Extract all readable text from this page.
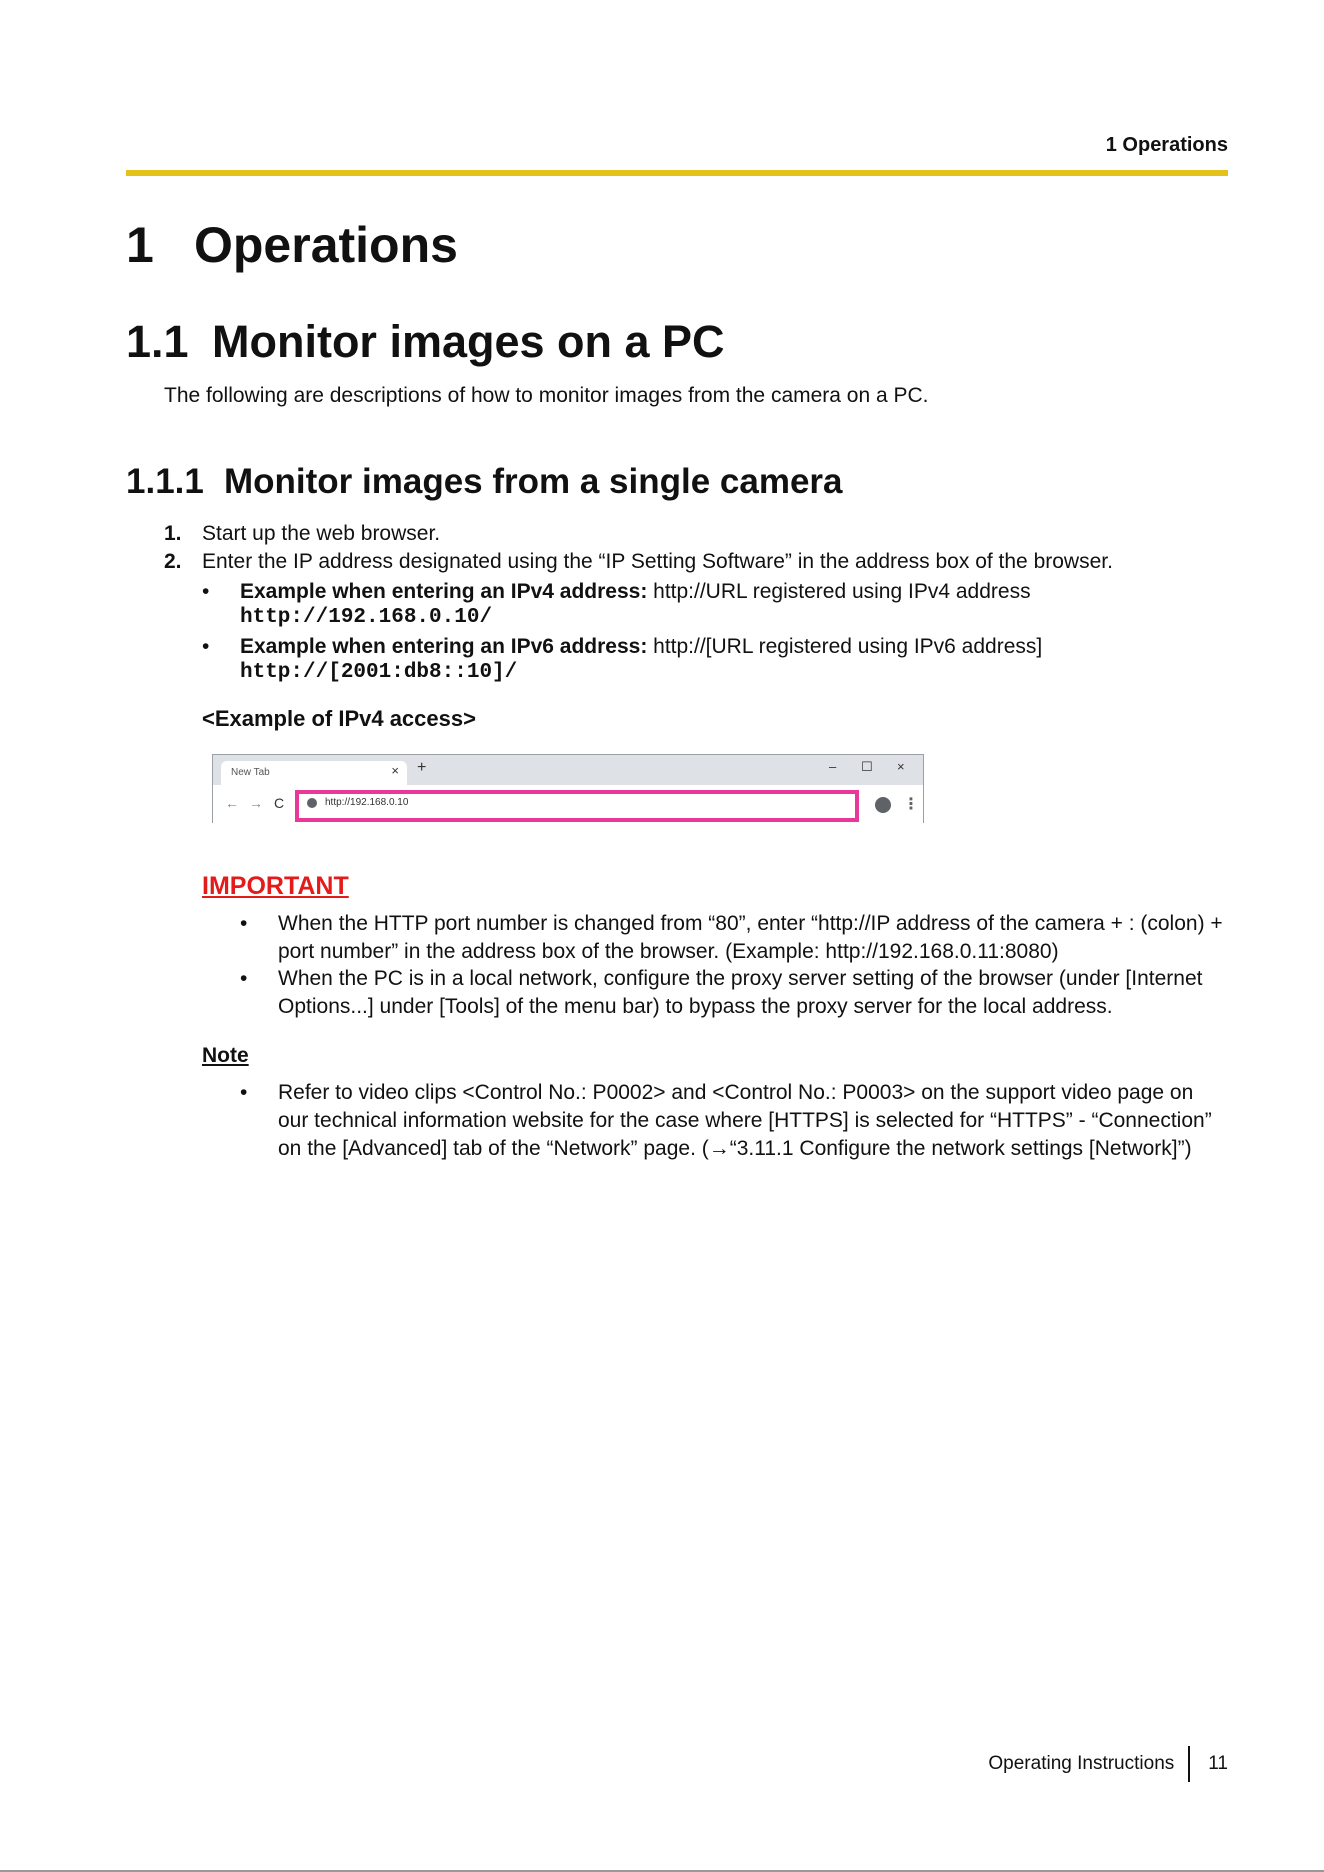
1 Operations
1 Operations
1.1 Monitor images on a PC
The following are descriptions of how to monitor images from the camera on a PC.
1.1.1 Monitor images from a single camera
1. Start up the web browser.
2. Enter the IP address designated using the “IP Setting Software” in the address box of the browser.
• Example when entering an IPv4 address: http://URL registered using IPv4 address
http://192.168.0.10/
• Example when entering an IPv6 address: http://[URL registered using IPv6 address]
http://[2001:db8::10]/
<Example of IPv4 access>
New Tab	× +	– ☐ ×
← → C	http://192.168.0.10	⋮
IMPORTANT
• When the HTTP port number is changed from “80”, enter “http://IP address of the camera + : (colon) + port number” in the address box of the browser. (Example: http://192.168.0.11:8080)
• When the PC is in a local network, configure the proxy server setting of the browser (under [Internet Options...] under [Tools] of the menu bar) to bypass the proxy server for the local address.
Note
• Refer to video clips <Control No.: P0002> and <Control No.: P0003> on the support video page on our technical information website for the case where [HTTPS] is selected for “HTTPS” - “Connection” on the [Advanced] tab of the “Network” page. (→“3.11.1 Configure the network settings [Network]”)
Operating Instructions 11
